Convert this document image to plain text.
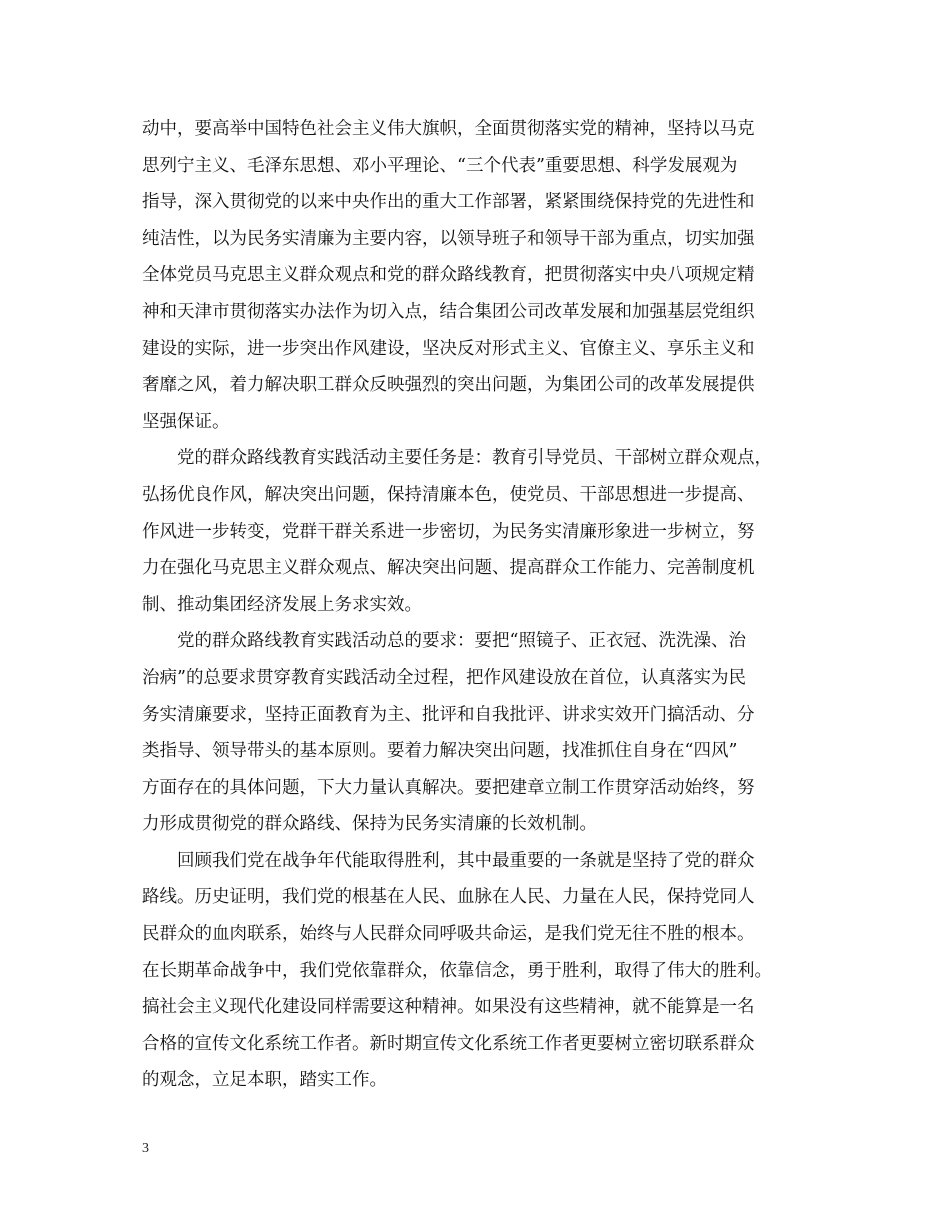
动中，要高举中国特色社会主义伟大旗帜，全面贯彻落实党的精神，坚持以马克
思列宁主义、毛泽东思想、邓小平理论、“三个代表”重要思想、科学发展观为
指导，深入贯彻党的以来中央作出的重大工作部署，紧紧围绕保持党的先进性和
纯洁性，以为民务实清廉为主要内容，以领导班子和领导干部为重点，切实加强
全体党员马克思主义群众观点和党的群众路线教育，把贯彻落实中央八项规定精
神和天津市贯彻落实办法作为切入点，结合集团公司改革发展和加强基层党组织
建设的实际，进一步突出作风建设，坚决反对形式主义、官僚主义、享乐主义和
奢靡之风，着力解决职工群众反映强烈的突出问题，为集团公司的改革发展提供
坚强保证。
党的群众路线教育实践活动主要任务是：教育引导党员、干部树立群众观点，
弘扬优良作风，解决突出问题，保持清廉本色，使党员、干部思想进一步提高、
作风进一步转变，党群干群关系进一步密切，为民务实清廉形象进一步树立，努
力在强化马克思主义群众观点、解决突出问题、提高群众工作能力、完善制度机
制、推动集团经济发展上务求实效。
党的群众路线教育实践活动总的要求：要把“照镜子、正衣冠、洗洗澡、治
治病”的总要求贯穿教育实践活动全过程，把作风建设放在首位，认真落实为民
务实清廉要求，坚持正面教育为主、批评和自我批评、讲求实效开门搞活动、分
类指导、领导带头的基本原则。要着力解决突出问题，找准抓住自身在“四风”
方面存在的具体问题，下大力量认真解决。要把建章立制工作贯穿活动始终，努
力形成贯彻党的群众路线、保持为民务实清廉的长效机制。
回顾我们党在战争年代能取得胜利，其中最重要的一条就是坚持了党的群众
路线。历史证明，我们党的根基在人民、血脉在人民、力量在人民，保持党同人
民群众的血肉联系，始终与人民群众同呼吸共命运，是我们党无往不胜的根本。
在长期革命战争中，我们党依靠群众，依靠信念，勇于胜利，取得了伟大的胜利。
搞社会主义现代化建设同样需要这种精神。如果没有这些精神，就不能算是一名
合格的宣传文化系统工作者。新时期宣传文化系统工作者更要树立密切联系群众
的观念，立足本职，踏实工作。
3
